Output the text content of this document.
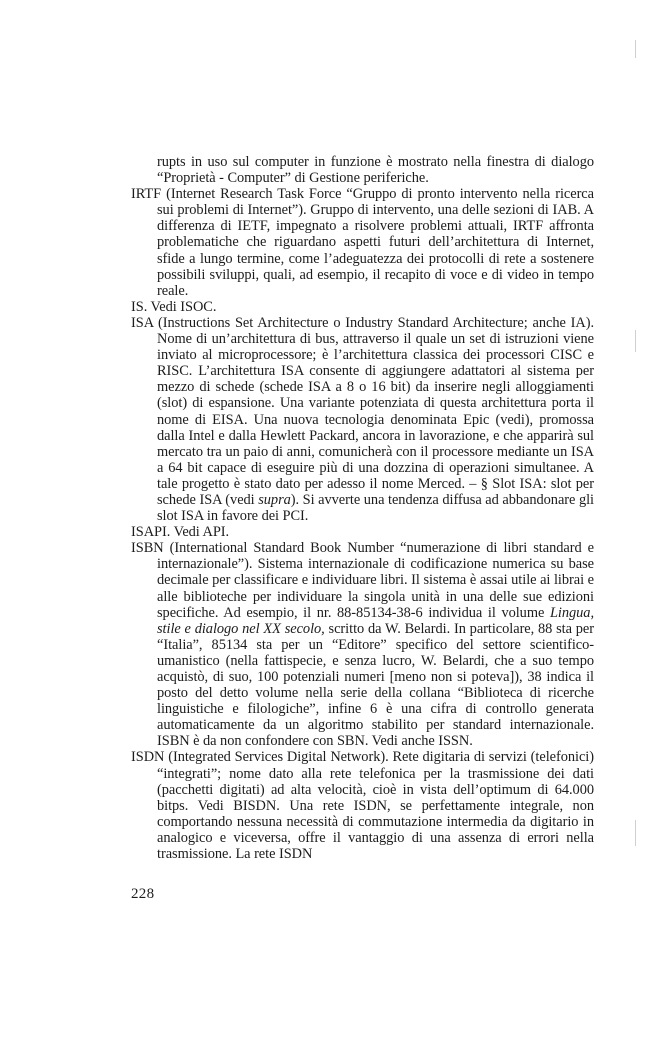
rupts in uso sul computer in funzione è mostrato nella finestra di dialogo “Proprietà - Computer” di Gestione periferiche.

IRTF (Internet Research Task Force “Gruppo di pronto intervento nella ricerca sui problemi di Internet”). Gruppo di intervento, una delle sezioni di IAB. A differenza di IETF, impegnato a risolvere problemi attuali, IRTF affronta problematiche che riguardano aspetti futuri dell’architettura di Internet, sfide a lungo termine, come l’adeguatezza dei protocolli di rete a sostenere possibili sviluppi, quali, ad esempio, il recapito di voce e di video in tempo reale.

IS. Vedi ISOC.

ISA (Instructions Set Architecture o Industry Standard Architecture; anche IA). Nome di un’architettura di bus, attraverso il quale un set di istruzioni viene inviato al microprocessore; è l’architettura classica dei processori CISC e RISC. L’architettura ISA consente di aggiungere adattatori al sistema per mezzo di schede (schede ISA a 8 o 16 bit) da inserire negli alloggiamenti (slot) di espansione. Una variante potenziata di questa architettura porta il nome di EISA. Una nuova tecnologia denominata Epic (vedi), promossa dalla Intel e dalla Hewlett Packard, ancora in lavorazione, e che apparirà sul mercato tra un paio di anni, comunicherà con il processore mediante un ISA a 64 bit capace di eseguire più di una dozzina di operazioni simultanee. A tale progetto è stato dato per adesso il nome Merced. – § Slot ISA: slot per schede ISA (vedi supra). Si avverte una tendenza diffusa ad abbandonare gli slot ISA in favore dei PCI.

ISAPI. Vedi API.

ISBN (International Standard Book Number “numerazione di libri standard e internazionale”). Sistema internazionale di codificazione numerica su base decimale per classificare e individuare libri. Il sistema è assai utile ai librai e alle biblioteche per individuare la singola unità in una delle sue edizioni specifiche. Ad esempio, il nr. 88-85134-38-6 individua il volume Lingua, stile e dialogo nel XX secolo, scritto da W. Belardi. In particolare, 88 sta per “Italia”, 85134 sta per un “Editore” specifico del settore scientifico-umanistico (nella fattispecie, e senza lucro, W. Belardi, che a suo tempo acquistò, di suo, 100 potenziali numeri [meno non si poteva]), 38 indica il posto del detto volume nella serie della collana “Biblioteca di ricerche linguistiche e filologiche”, infine 6 è una cifra di controllo generata automaticamente da un algoritmo stabilito per standard internazionale. ISBN è da non confondere con SBN. Vedi anche ISSN.

ISDN (Integrated Services Digital Network). Rete digitaria di servizi (telefonici) “integrati”; nome dato alla rete telefonica per la trasmissione dei dati (pacchetti digitati) ad alta velocità, cioè in vista dell’optimum di 64.000 bitps. Vedi BISDN. Una rete ISDN, se perfettamente integrale, non comportando nessuna necessità di commutazione intermedia da digitario in analogico e viceversa, offre il vantaggio di una assenza di errori nella trasmissione. La rete ISDN

228
